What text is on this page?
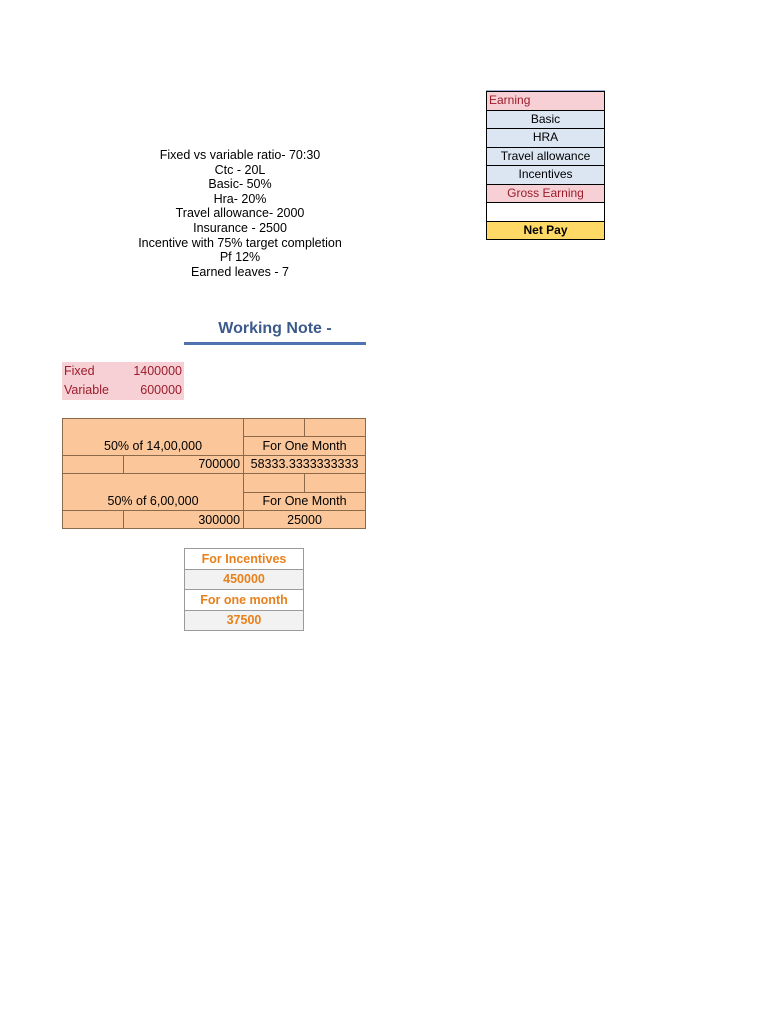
Fixed vs variable ratio- 70:30
Ctc - 20L
Basic- 50%
Hra- 20%
Travel allowance- 2000
Insurance - 2500
Incentive with 75% target completion
Pf 12%
Earned leaves - 7
Earning
Basic
HRA
Travel allowance
Incentives
Gross Earning

Net Pay
Working Note -
Fixed	1400000
Variable	600000

50% of 14,00,000		For One Month	
	700000	58333.3333333333	

50% of 6,00,000		For One Month	
	300000	25000	
For Incentives
450000
For one month
37500
